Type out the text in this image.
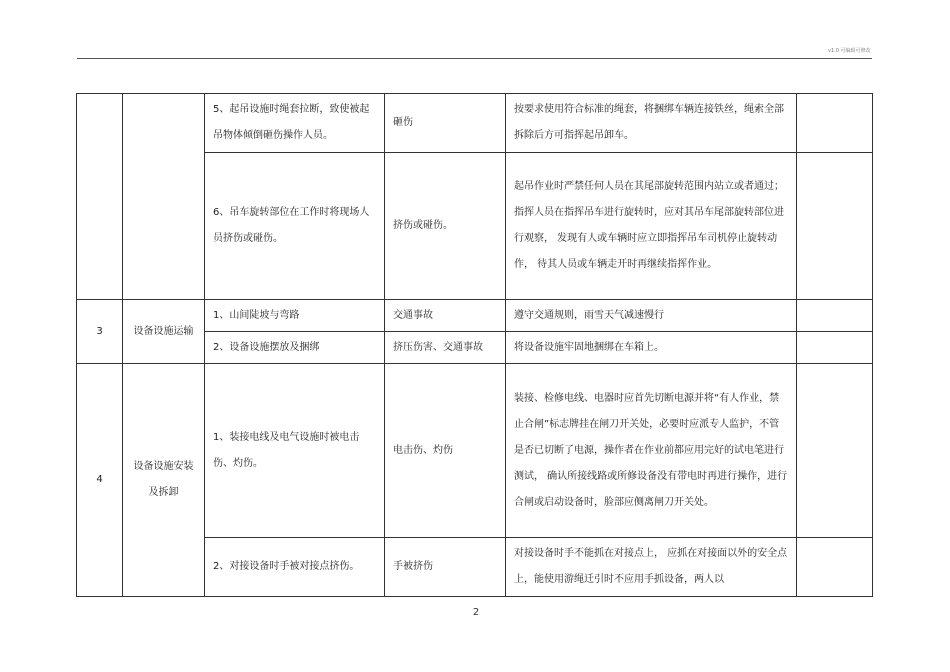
v1.0 可编辑可修改
		5、起吊设施时绳套拉断，致使被起吊物体倾倒砸伤操作人员。	砸伤	按要求使用符合标准的绳套，将捆绑车辆连接铁丝，绳索全部拆除后方可指挥起吊卸车。	
		6、吊车旋转部位在工作时将现场人员挤伤或碰伤。	挤伤或碰伤。	起吊作业时严禁任何人员在其尾部旋转范围内站立或者通过；指挥人员在指挥吊车进行旋转时，应对其吊车尾部旋转部位进行观察， 发现有人或车辆时应立即指挥吊车司机停止旋转动作， 待其人员或车辆走开时再继续指挥作业。	
3	设备设施运输	1、山间陡坡与弯路	交通事故	遵守交通规则，雨雪天气减速慢行	
		2、设备设施摆放及捆绑	挤压伤害、交通事故	将设备设施牢固地捆绑在车箱上。	
4	设备设施安装及拆卸	1、装接电线及电气设施时被电击伤、灼伤。	电击伤、灼伤	装接、检修电线、电器时应首先切断电源并将“有人作业，禁止合闸”标志牌挂在闸刀开关处，必要时应派专人监护，不管是否已切断了电源，操作者在作业前都应用完好的试电笔进行测试， 确认所接线路或所修设备没有带电时再进行操作，进行合闸或启动设备时，脸部应侧离闸刀开关处。	
		2、对接设备时手被对接点挤伤。	手被挤伤	对接设备时手不能抓在对接点上， 应抓在对接面以外的安全点上，能使用游绳迁引时不应用手抓设备，两人以	
2
